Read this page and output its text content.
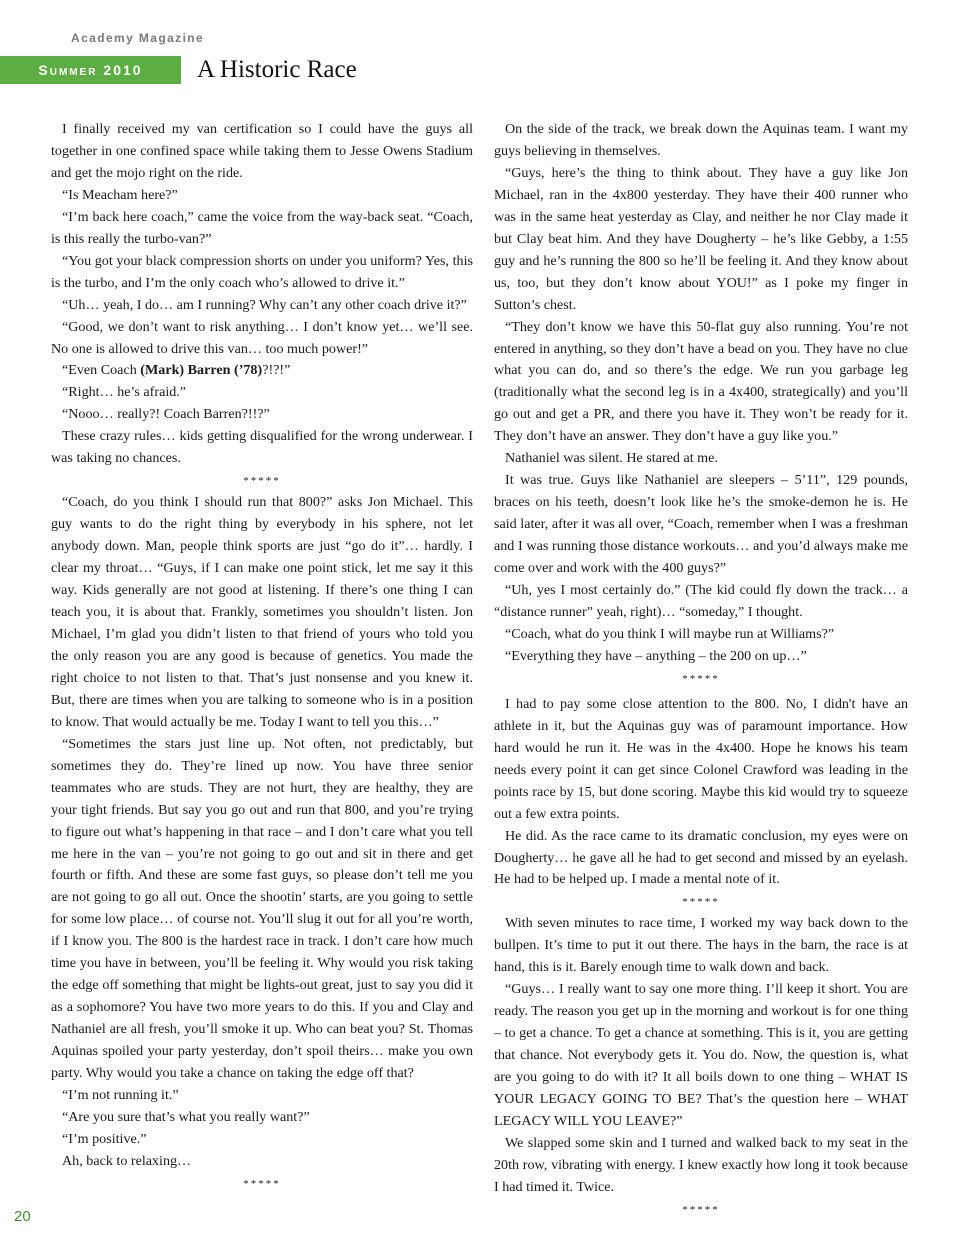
Academy Magazine
Summer 2010	A Historic Race

I finally received my van certification so I could have the guys all together in one confined space while taking them to Jesse Owens Stadium and get the mojo right on the ride.

“Is Meacham here?”

“I’m back here coach,” came the voice from the way-back seat. “Coach, is this really the turbo-van?”

“You got your black compression shorts on under you uniform? Yes, this is the turbo, and I’m the only coach who’s allowed to drive it.”

“Uh… yeah, I do… am I running? Why can’t any other coach drive it?”

“Good, we don’t want to risk anything… I don’t know yet… we’ll see. No one is allowed to drive this van… too much power!”

“Even Coach (Mark) Barren (’78)?!?!”

“Right… he’s afraid.”

“Nooo… really?! Coach Barren?!!?”

These crazy rules… kids getting disqualified for the wrong underwear. I was taking no chances.

*****

“Coach, do you think I should run that 800?” asks Jon Michael. This guy wants to do the right thing by everybody in his sphere, not let anybody down. Man, people think sports are just “go do it”… hardly. I clear my throat… “Guys, if I can make one point stick, let me say it this way. Kids generally are not good at listening. If there’s one thing I can teach you, it is about that. Frankly, sometimes you shouldn’t listen. Jon Michael, I’m glad you didn’t listen to that friend of yours who told you the only reason you are any good is because of genetics. You made the right choice to not listen to that. That’s just nonsense and you knew it. But, there are times when you are talking to someone who is in a position to know. That would actually be me. Today I want to tell you this…”

“Sometimes the stars just line up. Not often, not predictably, but sometimes they do. They’re lined up now. You have three senior teammates who are studs. They are not hurt, they are healthy, they are your tight friends. But say you go out and run that 800, and you’re trying to figure out what’s happening in that race – and I don’t care what you tell me here in the van – you’re not going to go out and sit in there and get fourth or fifth. And these are some fast guys, so please don’t tell me you are not going to go all out. Once the shootin’ starts, are you going to settle for some low place… of course not. You’ll slug it out for all you’re worth, if I know you. The 800 is the hardest race in track. I don’t care how much time you have in between, you’ll be feeling it. Why would you risk taking the edge off something that might be lights-out great, just to say you did it as a sophomore? You have two more years to do this. If you and Clay and Nathaniel are all fresh, you’ll smoke it up. Who can beat you? St. Thomas Aquinas spoiled your party yesterday, don’t spoil theirs… make you own party. Why would you take a chance on taking the edge off that?

“I’m not running it.”

“Are you sure that’s what you really want?”

“I’m positive.”

Ah, back to relaxing…

*****

On the side of the track, we break down the Aquinas team. I want my guys believing in themselves.

“Guys, here’s the thing to think about. They have a guy like Jon Michael, ran in the 4x800 yesterday. They have their 400 runner who was in the same heat yesterday as Clay, and neither he nor Clay made it but Clay beat him. And they have Dougherty – he’s like Gebby, a 1:55 guy and he’s running the 800 so he’ll be feeling it. And they know about us, too, but they don’t know about YOU!” as I poke my finger in Sutton’s chest.

“They don’t know we have this 50-flat guy also running. You’re not entered in anything, so they don’t have a bead on you. They have no clue what you can do, and so there’s the edge. We run you garbage leg (traditionally what the second leg is in a 4x400, strategically) and you’ll go out and get a PR, and there you have it. They won’t be ready for it. They don’t have an answer. They don’t have a guy like you.”

Nathaniel was silent. He stared at me.

It was true. Guys like Nathaniel are sleepers – 5’11”, 129 pounds, braces on his teeth, doesn’t look like he’s the smoke-demon he is. He said later, after it was all over, “Coach, remember when I was a freshman and I was running those distance workouts… and you’d always make me come over and work with the 400 guys?”

“Uh, yes I most certainly do.” (The kid could fly down the track… a “distance runner” yeah, right)… “someday,” I thought.

“Coach, what do you think I will maybe run at Williams?”

“Everything they have – anything – the 200 on up…”

*****

I had to pay some close attention to the 800. No, I didn't have an athlete in it, but the Aquinas guy was of paramount importance. How hard would he run it. He was in the 4x400. Hope he knows his team needs every point it can get since Colonel Crawford was leading in the points race by 15, but done scoring. Maybe this kid would try to squeeze out a few extra points.

He did. As the race came to its dramatic conclusion, my eyes were on Dougherty… he gave all he had to get second and missed by an eyelash. He had to be helped up. I made a mental note of it.

*****

With seven minutes to race time, I worked my way back down to the bullpen. It’s time to put it out there. The hays in the barn, the race is at hand, this is it. Barely enough time to walk down and back.

“Guys… I really want to say one more thing. I’ll keep it short. You are ready. The reason you get up in the morning and workout is for one thing – to get a chance. To get a chance at something. This is it, you are getting that chance. Not everybody gets it. You do. Now, the question is, what are you going to do with it? It all boils down to one thing – WHAT IS YOUR LEGACY GOING TO BE? That’s the question here – WHAT LEGACY WILL YOU LEAVE?”

We slapped some skin and I turned and walked back to my seat in the 20th row, vibrating with energy. I knew exactly how long it took because I had timed it. Twice.

*****

20
